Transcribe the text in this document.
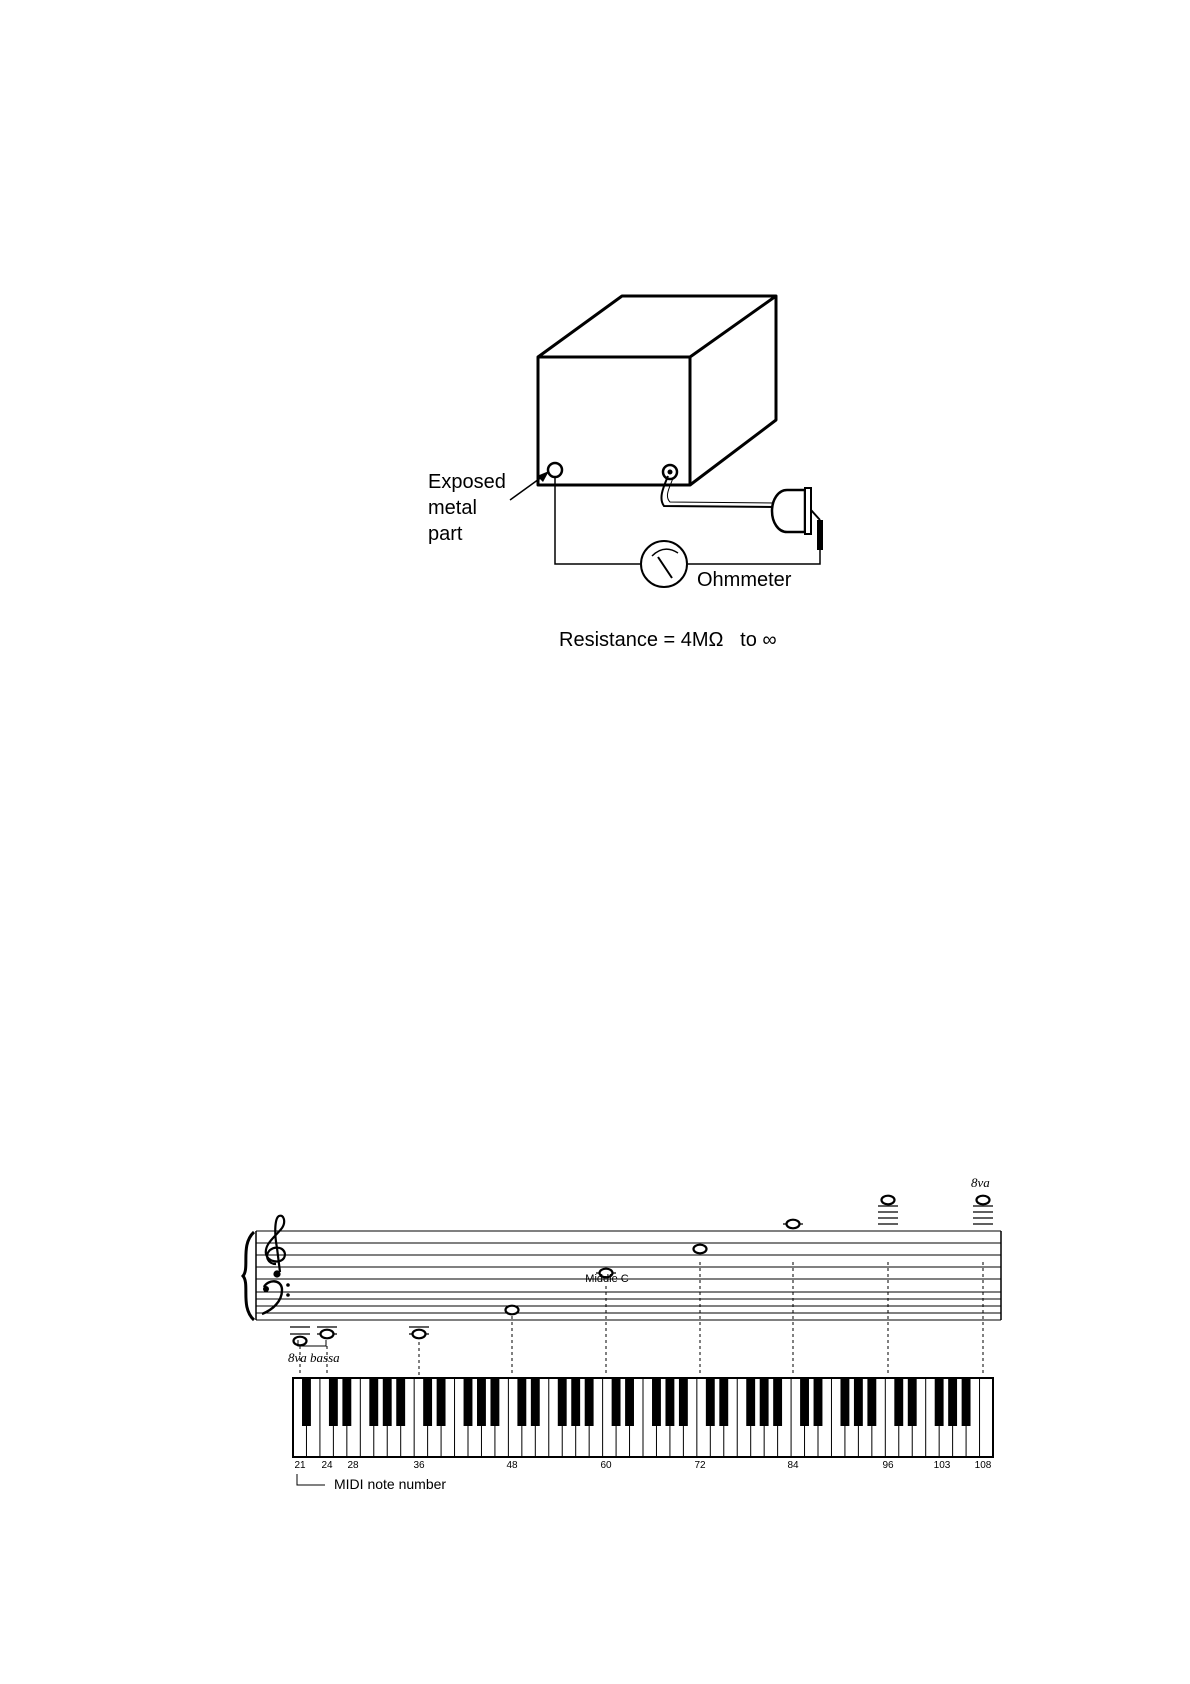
Exposed
metal
part
Ohmmeter
Resistance = 4MΩ   to ∞
8va bassa
8va
Middle C
21 24 28	36	48	60	72	84	96	103 108
MIDI note number
